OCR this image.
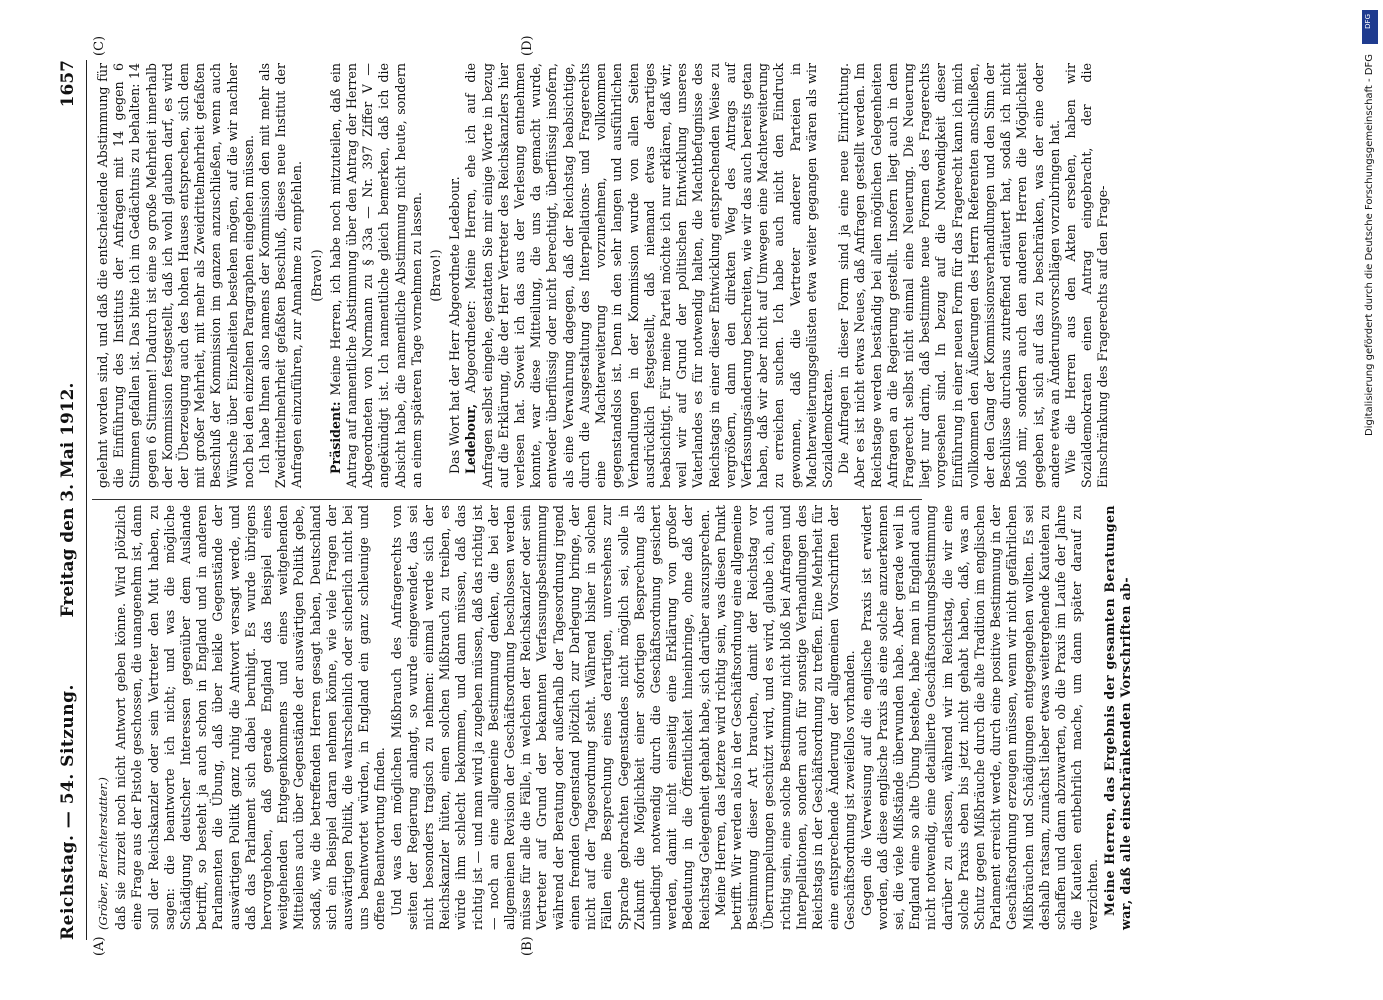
Reichstag. — 54. Sitzung.
Freitag den 3. Mai 1912.
1657
(A)	(B)
(C)	(D)

(Gröber, Berichterstatter.) daß sie zurzeit noch nicht Antwort geben könne. Wird plötzlich eine Frage aus der Pistole geschossen, die unangenehm ist, dann soll der Reichskanzler oder sein Vertreter den Mut haben, zu sagen: die beantworte ich nicht; und was die mögliche Schädigung deutscher Interessen gegenüber dem Auslande betrifft, so besteht ja auch schon in England und in anderen Parlamenten die Übung, daß über heikle Gegenstände der auswärtigen Politik ganz ruhig die Antwort versagt werde, und daß das Parlament sich dabei beruhigt. Es wurde übrigens hervorgehoben, daß gerade England das Beispiel eines weitgehenden Entgegenkommens und eines weitgehenden Mitteilens auch über Gegenstände der auswärtigen Politik gebe, sodaß, wie die betreffenden Herren gesagt haben, Deutschland sich ein Beispiel daran nehmen könne, wie viele Fragen der auswärtigen Politik, die wahrscheinlich oder sicherlich nicht bei uns beantwortet würden, in England ein ganz schleunige und offene Beantwortung finden. Und was den möglichen Mißbrauch des Anfragerechts von seiten der Regierung anlangt, so wurde eingewendet, das sei nicht besonders tragisch zu nehmen: einmal werde sich der Reichskanzler hüten, einen solchen Mißbrauch zu treiben, es würde ihm schlecht bekommen, und dann müssen, daß das richtig ist — und man wird ja zugeben müssen, daß das richtig ist — noch an eine allgemeine Bestimmung denken, die bei der allgemeinen Revision der Geschäftsordnung beschlossen werden müsse für alle die Fälle, in welchen der Reichskanzler oder sein Vertreter auf Grund der bekannten Verfassungsbestimmung während der Beratung oder außerhalb der Tagesordnung irgend einen fremden Gegenstand plötzlich zur Darlegung bringe, der nicht auf der Tagesordnung steht. Während bisher in solchen Fällen eine Besprechung eines derartigen, unversehens zur Sprache gebrachten Gegenstandes nicht möglich sei, solle in Zukunft die Möglichkeit einer sofortigen Besprechung als unbedingt notwendig durch die Geschäftsordnung gesichert werden, damit nicht einseitig eine Erklärung von großer Bedeutung in die Öffentlichkeit hineinbringe, ohne daß der Reichstag Gelegenheit gehabt habe, sich darüber auszusprechen. Meine Herren, das letztere wird richtig sein, was diesen Punkt betrifft. Wir werden also in der Geschäftsordnung eine allgemeine Bestimmung dieser Art brauchen, damit der Reichstag vor Überrumpelungen geschützt wird, und es wird, glaube ich, auch richtig sein, eine solche Bestimmung nicht bloß bei Anfragen und Interpellationen, sondern auch für sonstige Verhandlungen des Reichstags in der Geschäftsordnung zu treffen. Eine Mehrheit für eine entsprechende Änderung der allgemeinen Vorschriften der Geschäftsordnung ist zweifellos vorhanden. Gegen die Verweisung auf die englische Praxis ist erwidert worden, daß diese englische Praxis als eine solche anzuerkennen sei, die viele Mißstände überwunden habe. Aber gerade weil in England eine so alte Übung bestehe, habe man in England auch nicht notwendig, eine detaillierte Geschäftsordnungsbestimmung darüber zu erlassen, während wir im Reichstag, die wir eine solche Praxis eben bis jetzt nicht gehabt haben, daß, was an Schutz gegen Mißbräuche durch die alte Tradition im englischen Parlament erreicht werde, durch eine positive Bestimmung in der Geschäftsordnung erzeugen müssen, wenn wir nicht gefährlichen Mißbräuchen und Schädigungen entgegengehen wollten. Es sei deshalb ratsam, zunächst lieber etwas weitergehende Kautelen zu schaffen und dann abzuwarten, ob die Praxis im Laufe der Jahre die Kautelen entbehrlich mache, um dann später darauf zu verzichten. Meine Herren, das Ergebnis der gesamten Beratungen war, daß alle einschränkenden Vorschriften ab-

gelehnt worden sind, und daß die entscheidende Abstimmung für die Einführung des Instituts der Anfragen mit 14 gegen 6 Stimmen gefallen ist. Das bitte ich im Gedächtnis zu behalten: 14 gegen 6 Stimmen! Dadurch ist eine so große Mehrheit innerhalb der Kommission festgestellt, daß ich wohl glauben darf, es wird der Überzeugung auch des hohen Hauses entsprechen, sich dem mit großer Mehrheit, mit mehr als Zweidrittelmehrheit gefaßten Beschluß der Kommission im ganzen anzuschließen, wenn auch Wünsche über Einzelheiten bestehen mögen, auf die wir nachher noch bei den einzelnen Paragraphen eingehen müssen. Ich habe Ihnen also namens der Kommission den mit mehr als Zweidrittelmehrheit gefaßten Beschluß, dieses neue Institut der Anfragen einzuführen, zur Annahme zu empfehlen. (Bravo!)

Präsident: Meine Herren, ich habe noch mitzuteilen, daß ein Antrag auf namentliche Abstimmung über den Antrag der Herren Abgeordneten von Normann zu § 33a — Nr. 397 Ziffer V — angekündigt ist. Ich namentliche gleich bemerken, daß ich die Absicht habe, die namentliche Abstimmung nicht heute, sondern an einem späteren Tage vornehmen zu lassen. (Bravo!) Das Wort hat der Herr Abgeordnete Ledebour. Ledebour, Abgeordneter: Meine Herren, ehe ich auf die Anfragen selbst eingehe, gestatten Sie mir einige Worte in bezug auf die Erklärung, die der Herr Vertreter des Reichskanzlers hier verlesen hat. Soweit ich das aus der Verlesung entnehmen konnte, war diese Mitteilung, die uns da gemacht wurde, entweder überflüssig oder nicht berechtigt, überflüssig insofern, als eine Verwahrung dagegen, daß der Reichstag beabsichtige, durch die Ausgestaltung des Interpellations- und Fragerechts eine Machterweiterung vorzunehmen, vollkommen gegenstandslos ist. Denn in den sehr langen und ausführlichen Verhandlungen in der Kommission wurde von allen Seiten ausdrücklich festgestellt, daß niemand etwas derartiges beabsichtigt. Für meine Partei möchte ich nur erklären, daß wir, weil wir auf Grund der politischen Entwicklung unseres Vaterlandes es für notwendig halten, die Machtbefugnisse des Reichstags in einer dieser Entwicklung entsprechenden Weise zu vergrößern, dann den direkten Weg des Antrags auf Verfassungsänderung beschreiten, wie wir das auch bereits getan haben, daß wir aber nicht auf Umwegen eine Machterweiterung zu erreichen suchen. Ich habe auch nicht den Eindruck gewonnen, daß die Vertreter anderer Parteien in Machterweiterungsgelüsten etwa weiter gegangen wären als wir Sozialdemokraten. Die Anfragen in dieser Form sind ja eine neue Einrichtung. Aber es ist nicht etwas Neues, daß Anfragen gestellt werden. Im Reichstage werden beständig bei allen möglichen Gelegenheiten Anfragen an die Regierung gestellt. Insofern liegt auch in dem Fragerecht selbst nicht einmal eine Neuerung. Die Neuerung liegt nur darin, daß bestimmte neue Formen des Fragerechts vorgesehen sind. In bezug auf die Notwendigkeit dieser Einführung in einer neuen Form für das Fragerecht kann ich mich vollkommen den Äußerungen des Herrn Referenten anschließen, der den Gang der Kommissionsverhandlungen und den Sinn der Beschlüsse durchaus zutreffend erläutert hat, sodaß ich nicht bloß mir, sondern auch den anderen Herren die Möglichkeit gegeben ist, sich auf das zu beschränken, was der eine oder andere etwa an Änderungsvorschlägen vorzubringen hat. Wie die Herren aus den Akten ersehen, haben wir Sozialdemokraten einen Antrag eingebracht, der die Einschränkung des Fragerechts auf den Frage-

DFG
Digitalisierung gefördert durch die Deutsche Forschungsgemeinschaft - DFG
